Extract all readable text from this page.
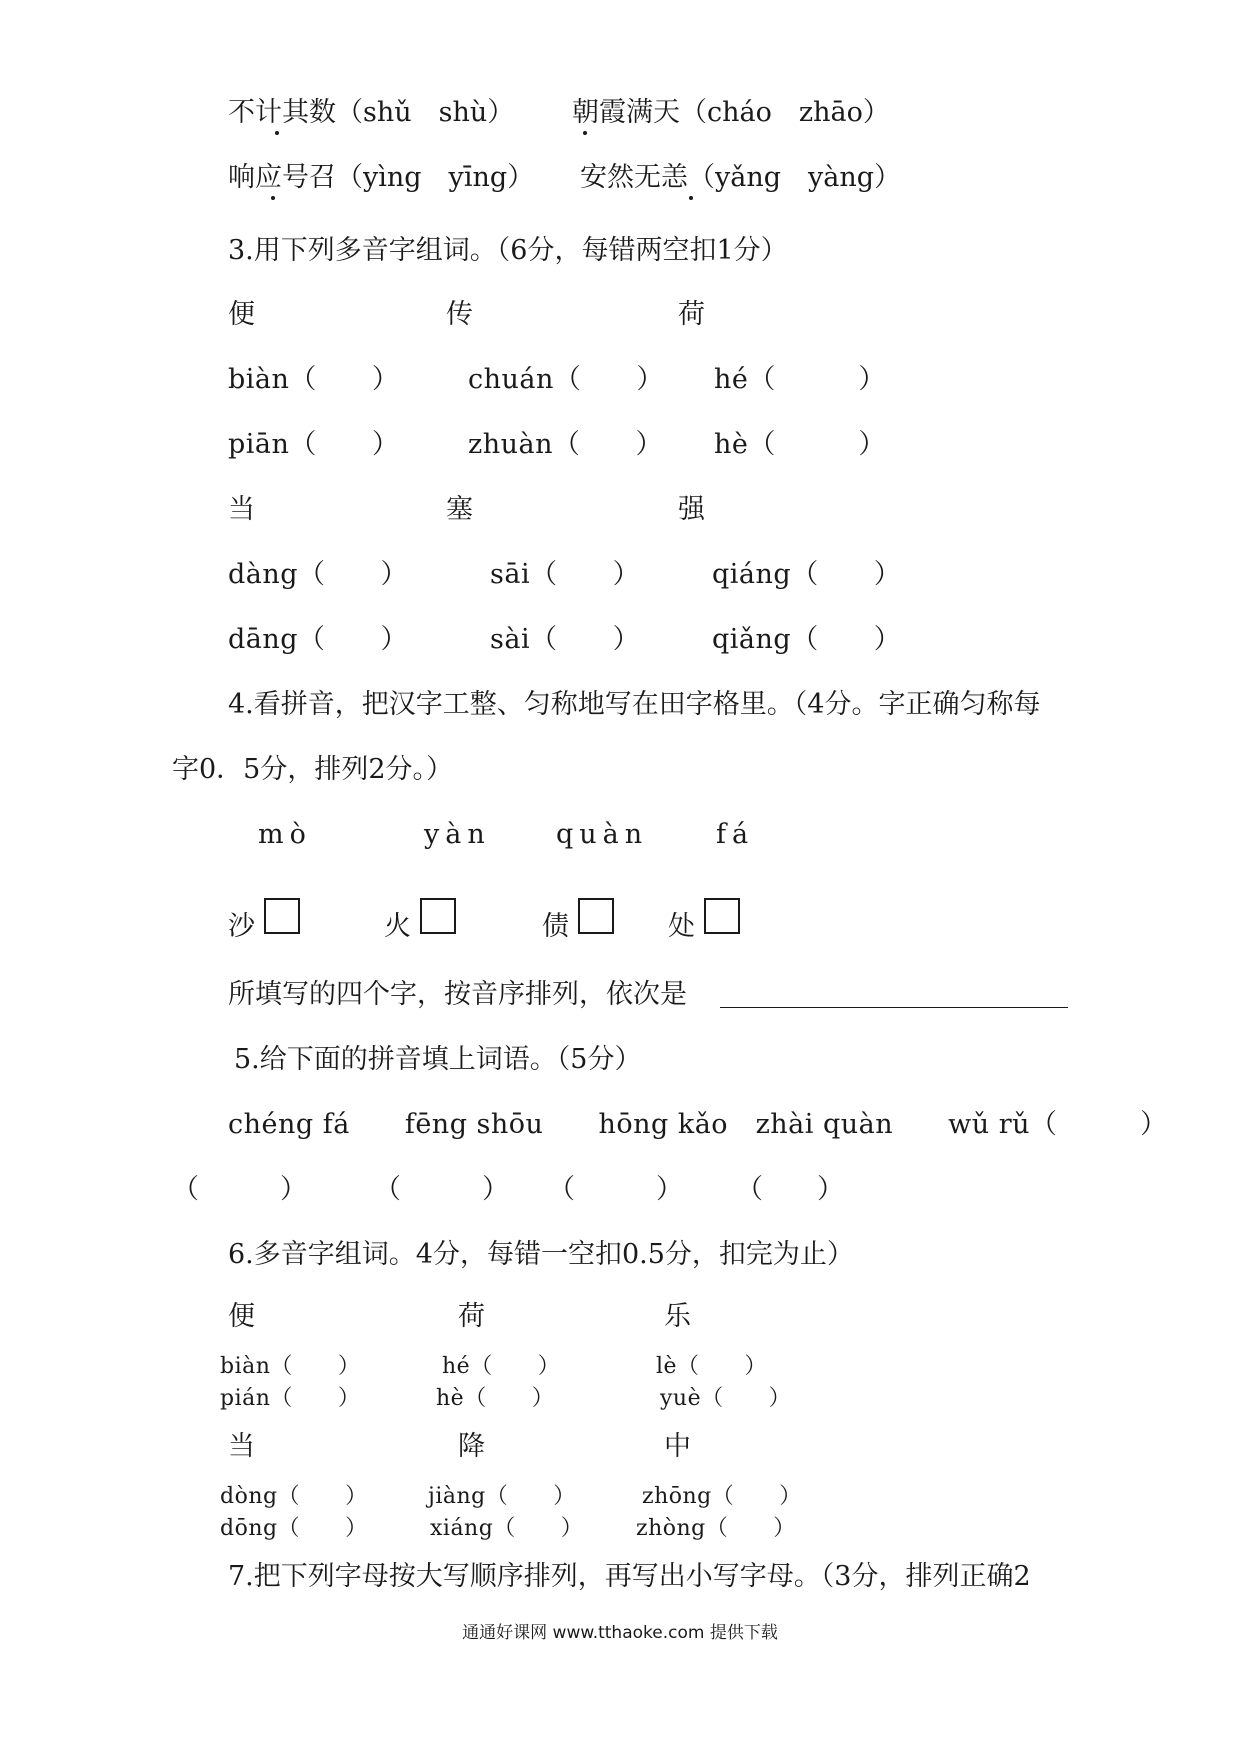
不计其数（shǔ　shù） 朝霞满天（cháo　zhāo）
响应号召（yìng　yīng） 安然无恙（yǎng　yàng）
3.用下列多音字组词。（6分，每错两空扣1分）
便	传	荷
biàn（　　）	chuán（　　） hé（　　　）
piān（　　）	zhuàn（　　） hè（　　　）
当	塞	强
dàng（　　）	sāi（　　）	qiáng（　　）
dāng（　　）	sài（　　）	qiǎng（　　）
4.看拼音，把汉字工整、匀称地写在田字格里。（4分。字正确匀称每
字0．5分，排列2分。）
mò	yàn quàn	fá
沙	火	债	处
所填写的四个字，按音序排列，依次是
5.给下面的拼音填上词语。（5分）
chéng fá　　fēng shōu　　hōng kǎo　zhài quàn　　wǔ rǔ（　　　）
（　　　） （　　　） （　　　） （　　）
6.多音字组词。4分，每错一空扣0.5分，扣完为止）
便	荷	乐
biàn（　　）	hé（　　）	lè（　　）
pián（　　）	hè（　　）	yuè（　　）
当	降	中
dòng（　　）	jiàng（　　）	zhōng（　　）
dōng（　　）	xiáng（　　） zhòng（　　）
7.把下列字母按大写顺序排列，再写出小写字母。（3分，排列正确2
通通好课网 www.tthaoke.com 提供下载
